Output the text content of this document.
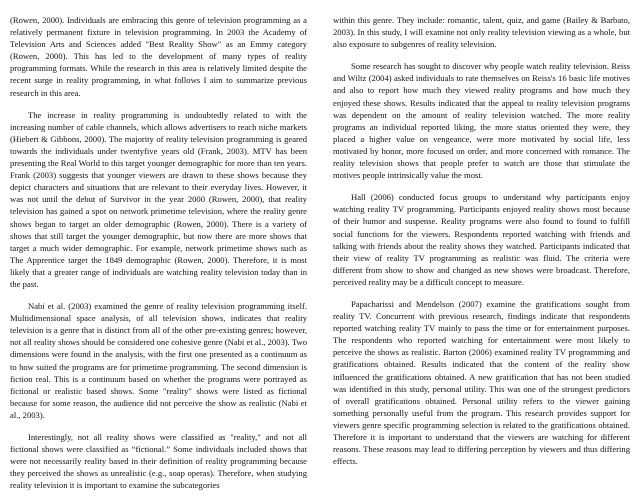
(Rowen, 2000). Individuals are embracing this genre of television programming as a relatively permanent fixture in television programming. In 2003 the Academy of Television Arts and Sciences added "Best Reality Show" as an Emmy category (Rowen, 2000). This has led to the development of many types of reality programming formats. While the research in this area is relatively limited despite the recent surge in reality programming, in what follows I aim to summarize previous research in this area.

The increase in reality programming is undoubtedly related to with the increasing number of cable channels, which allows advertisers to reach niche markets (Hiebert & Gibbons, 2000). The majority of reality television programming is geared towards the individuals under twentyfive years old (Frank, 2003). MTV has been presenting the Real World to this target younger demographic for more than ten years. Frank (2003) suggests that younger viewers are drawn to these shows because they depict characters and situations that are relevant to their everyday lives. However, it was not until the debut of Survivor in the year 2000 (Rowen, 2000), that reality television has gained a spot on network primetime television, where the reality genre shows began to target an older demographic (Rowen, 2000). There is a variety of shows that still target the younger demographic, but now there are more shows that target a much wider demographic. For example, network primetime shows such as The Apprentice target the 1849 demographic (Rowen, 2000). Therefore, it is most likely that a greater range of individuals are watching reality television today than in the past.

Nabi et al. (2003) examined the genre of reality television programming itself. Multidimensional space analysis, of all television shows, indicates that reality television is a genre that is distinct from all of the other pre-existing genres; however, not all reality shows should be considered one cohesive genre (Nabi et al., 2003). Two dimensions were found in the analysis, with the first one presented as a continuum as to how suited the programs are for primetime programming. The second dimension is fiction real. This is a continuum based on whether the programs were portrayed as fictional or realistic based shows. Some "reality" shows were listed as fictional because for some reason, the audience did not perceive the show as realistic (Nabi et al., 2003).

Interestingly, not all reality shows were classified as "reality," and not all fictional shows were classified as “fictional.” Some individuals included shows that were not necessarily reality based in their definition of reality programming because they perceived the shows as unrealistic (e.g., soap operas). Therefore, when studying reality television it is important to examine the subcategories

within this genre. They include: romantic, talent, quiz, and game (Bailey & Barbato, 2003). In this study, I will examine not only reality television viewing as a whole, but also exposure to subgenres of reality television.

Some research has sought to discover why people watch reality television. Reiss and Wiltz (2004) asked individuals to rate themselves on Reiss's 16 basic life motives and also to report how much they viewed reality programs and how much they enjoyed these shows. Results indicated that the appeal to reality television programs was dependent on the amount of reality television watched. The more reality programs an individual reported liking, the more status oriented they were, they placed a higher value on vengeance, were more motivated by social life, less motivated by honor, more focused on order, and more concerned with romance. The reality television shows that people prefer to watch are those that stimulate the motives people intrinsically value the most.

Hall (2006) conducted focus groups to understand why participants enjoy watching reality TV programming. Participants enjoyed reality shows most because of their humor and suspense. Reality programs were also found to found to fulfill social functions for the viewers. Respondents reported watching with friends and talking with friends about the reality shows they watched. Participants indicated that their view of reality TV programming as realistic was fluid. The criteria were different from show to show and changed as new shows were broadcast. Therefore, perceived reality may be a difficult concept to measure.

Papacharissi and Mendelson (2007) examine the gratifications sought from reality TV. Concurrent with previous research, findings indicate that respondents reported watching reality TV mainly to pass the time or for entertainment purposes. The respondents who reported watching for entertainment were most likely to perceive the shows as realistic. Barton (2006) examined reality TV programming and gratifications obtained. Results indicated that the content of the reality show influenced the gratifications obtained. A new gratification that has not been studied was identified in this study, personal utility. This was one of the strongest predictors of overall gratifications obtained. Personal utility refers to the viewer gaining something personally useful from the program. This research provides support for viewers genre specific programming selection is related to the gratifications obtained. Therefore it is important to understand that the viewers are watching for different reasons. These reasons may lead to differing perception by viewers and thus differing effects.
